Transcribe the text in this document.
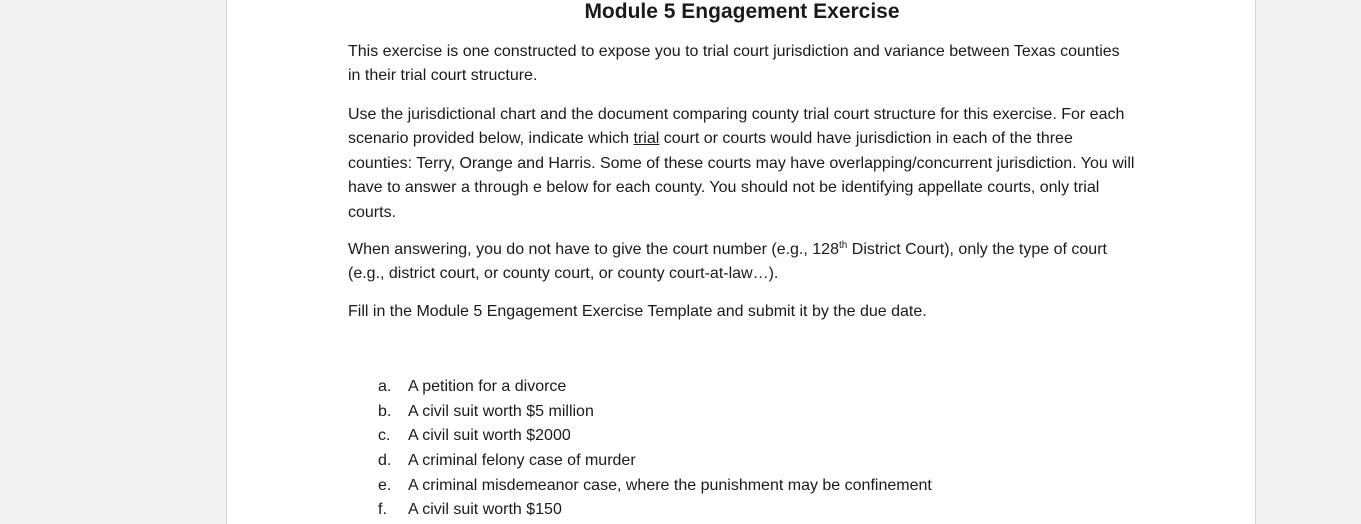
Module 5 Engagement Exercise

This exercise is one constructed to expose you to trial court jurisdiction and variance between Texas counties in their trial court structure.

Use the jurisdictional chart and the document comparing county trial court structure for this exercise. For each scenario provided below, indicate which trial court or courts would have jurisdiction in each of the three counties: Terry, Orange and Harris. Some of these courts may have overlapping/concurrent jurisdiction. You will have to answer a through e below for each county. You should not be identifying appellate courts, only trial courts.

When answering, you do not have to give the court number (e.g., 128th District Court), only the type of court (e.g., district court, or county court, or county court-at-law…).

Fill in the Module 5 Engagement Exercise Template and submit it by the due date.

a.	A petition for a divorce
b.	A civil suit worth $5 million
c.	A civil suit worth $2000
d.	A criminal felony case of murder
e.	A criminal misdemeanor case, where the punishment may be confinement
f.	A civil suit worth $150
